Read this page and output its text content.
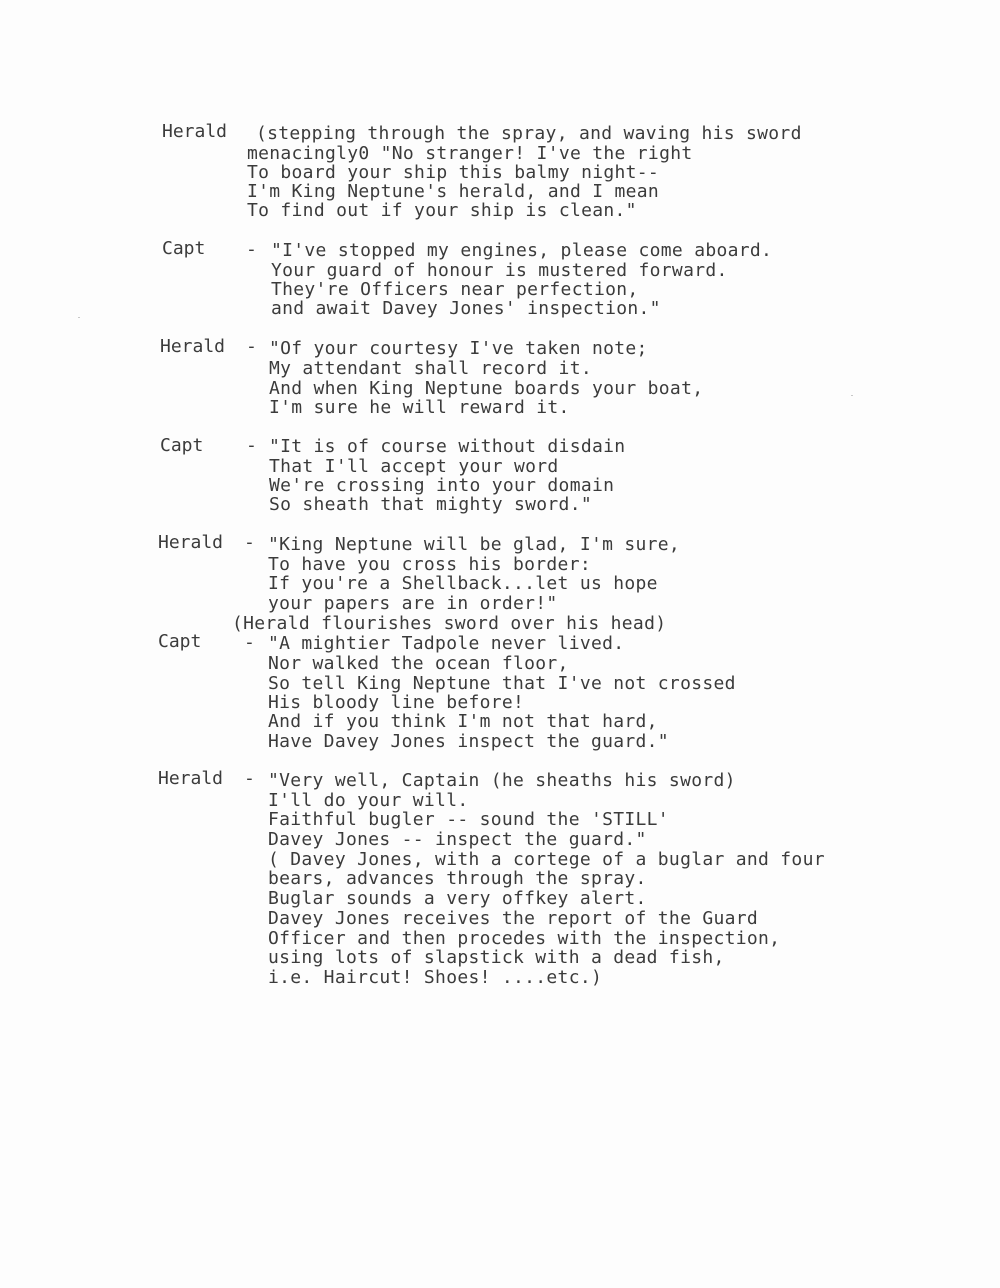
Herald (stepping through the spray, and waving his sword
menacingly0 "No stranger! I've the right
To board your ship this balmy night--
I'm King Neptune's herald, and I mean
To find out if your ship is clean."
Capt - "I've stopped my engines, please come aboard.
Your guard of honour is mustered forward.
They're Officers near perfection,
and await Davey Jones' inspection."
Herald - "Of your courtesy I've taken note;
My attendant shall record it.
And when King Neptune boards your boat,
I'm sure he will reward it.
Capt - "It is of course without disdain
That I'll accept your word
We're crossing into your domain
So sheath that mighty sword."
Herald - "King Neptune will be glad, I'm sure,
To have you cross his border:
If you're a Shellback...let us hope
your papers are in order!"
(Herald flourishes sword over his head)
Capt - "A mightier Tadpole never lived.
Nor walked the ocean floor,
So tell King Neptune that I've not crossed
His bloody line before!
And if you think I'm not that hard,
Have Davey Jones inspect the guard."
Herald - "Very well, Captain (he sheaths his sword)
I'll do your will.
Faithful bugler -- sound the 'STILL'
Davey Jones -- inspect the guard."
( Davey Jones, with a cortege of a buglar and four
bears, advances through the spray.
Buglar sounds a very offkey alert.
Davey Jones receives the report of the Guard
Officer and then procedes with the inspection,
using lots of slapstick with a dead fish,
i.e. Haircut! Shoes! ....etc.)
